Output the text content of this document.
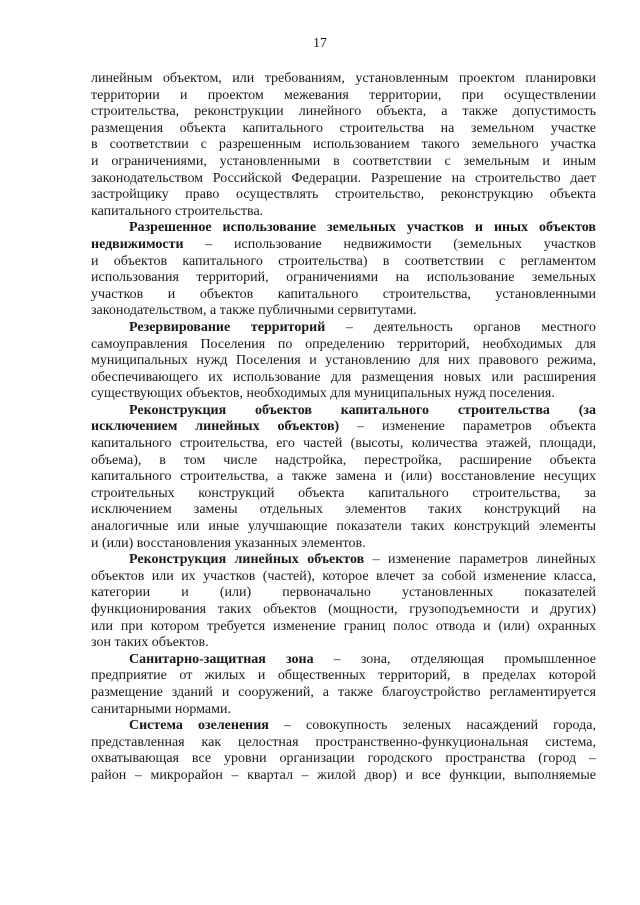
17
линейным объектом, или требованиям, установленным проектом планировки
территории и проектом межевания территории, при осуществлении
строительства, реконструкции линейного объекта, а также допустимость
размещения объекта капитального строительства на земельном участке
в соответствии с разрешенным использованием такого земельного участка
и ограничениями, установленными в соответствии с земельным и иным
законодательством Российской Федерации. Разрешение на строительство дает
застройщику право осуществлять строительство, реконструкцию объекта
капитального строительства.
Разрешенное использование земельных участков и иных объектов
недвижимости – использование недвижимости (земельных участков
и объектов капитального строительства) в соответствии с регламентом
использования территорий, ограничениями на использование земельных
участков и объектов капитального строительства, установленными
законодательством, а также публичными сервитутами.
Резервирование территорий – деятельность органов местного
самоуправления Поселения по определению территорий, необходимых для
муниципальных нужд Поселения и установлению для них правового режима,
обеспечивающего их использование для размещения новых или расширения
существующих объектов, необходимых для муниципальных нужд поселения.
Реконструкция объектов капитального строительства (за
исключением линейных объектов) – изменение параметров объекта
капитального строительства, его частей (высоты, количества этажей, площади,
объема), в том числе надстройка, перестройка, расширение объекта
капитального строительства, а также замена и (или) восстановление несущих
строительных конструкций объекта капитального строительства, за
исключением замены отдельных элементов таких конструкций на
аналогичные или иные улучшающие показатели таких конструкций элементы
и (или) восстановления указанных элементов.
Реконструкция линейных объектов – изменение параметров линейных
объектов или их участков (частей), которое влечет за собой изменение класса,
категории и (или) первоначально установленных показателей
функционирования таких объектов (мощности, грузоподъемности и других)
или при котором требуется изменение границ полос отвода и (или) охранных
зон таких объектов.
Санитарно-защитная зона – зона, отделяющая промышленное
предприятие от жилых и общественных территорий, в пределах которой
размещение зданий и сооружений, а также благоустройство регламентируется
санитарными нормами.
Система озеленения – совокупность зеленых насаждений города,
представленная как целостная пространственно-функуциональная система,
охватывающая все уровни организации городского пространства (город –
район – микрорайон – квартал – жилой двор) и все функции, выполняемые
